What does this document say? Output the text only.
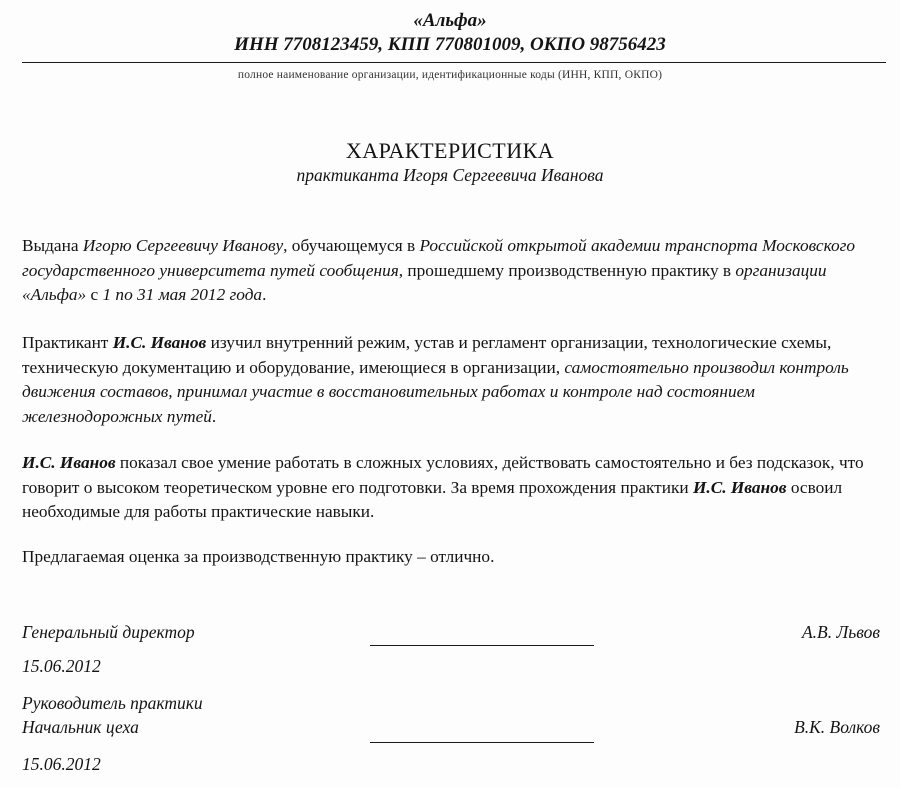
«Альфа»
ИНН 7708123459, КПП 770801009, ОКПО 98756423
полное наименование организации, идентификационные коды (ИНН, КПП, ОКПО)
ХАРАКТЕРИСТИКА
практиканта Игоря Сергеевича Иванова
Выдана Игорю Сергеевичу Иванову, обучающемуся в Российской открытой академии транспорта Московского государственного университета путей сообщения, прошедшему производственную практику в организации «Альфа» с 1 по 31 мая 2012 года.
Практикант И.С. Иванов изучил внутренний режим, устав и регламент организации, технологические схемы, техническую документацию и оборудование, имеющиеся в организации, самостоятельно производил контроль движения составов, принимал участие в восстановительных работах и контроле над состоянием железнодорожных путей.
И.С. Иванов показал свое умение работать в сложных условиях, действовать самостоятельно и без подсказок, что говорит о высоком теоретическом уровне его подготовки. За время прохождения практики И.С. Иванов освоил необходимые для работы практические навыки.
Предлагаемая оценка за производственную практику – отлично.
Генеральный директор	А.В. Львов
15.06.2012
Руководитель практики
Начальник цеха	В.К. Волков
15.06.2012
